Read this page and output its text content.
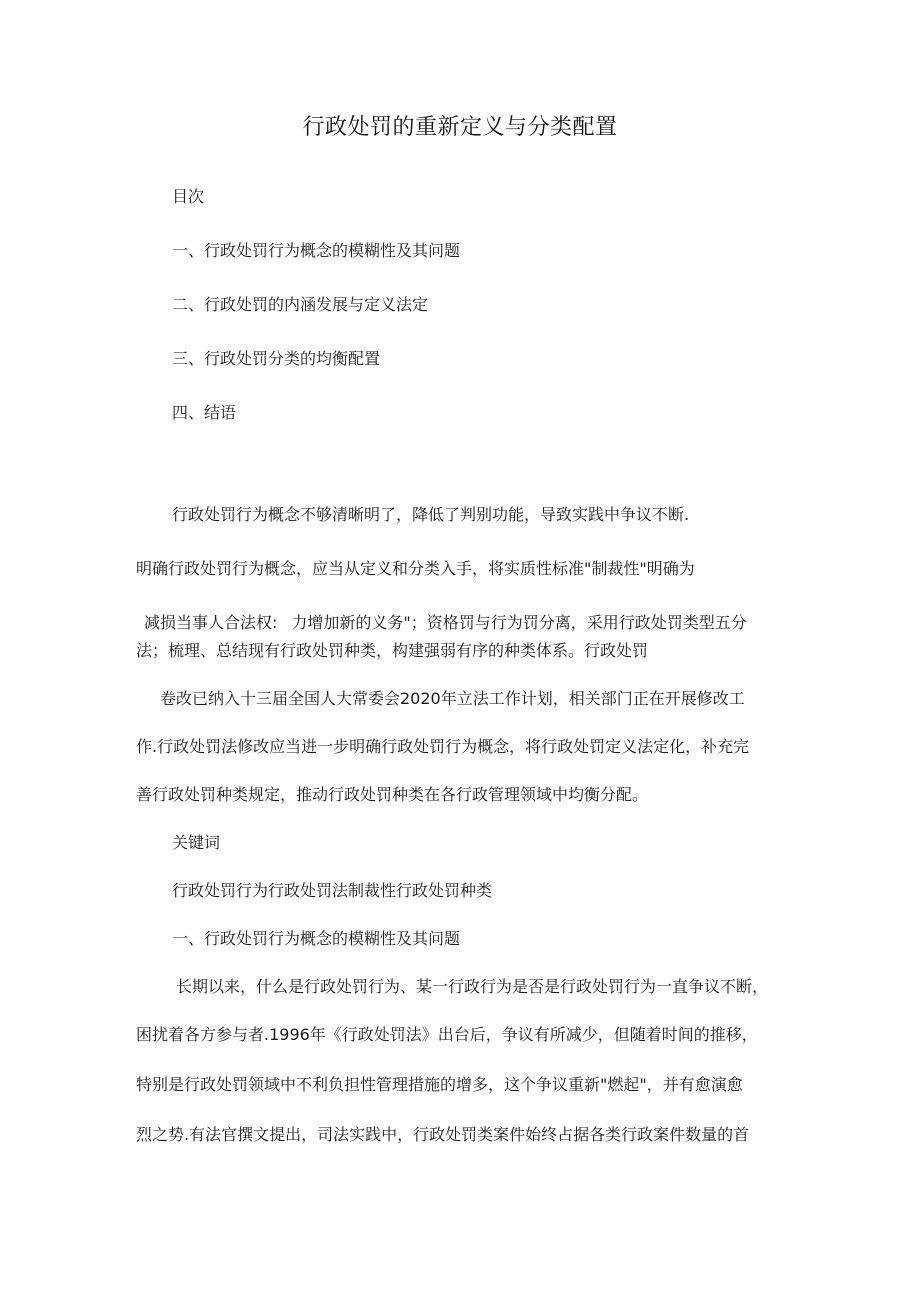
行政处罚的重新定义与分类配置
目次
一、行政处罚行为概念的模糊性及其问题
二、行政处罚的内涵发展与定义法定
三、行政处罚分类的均衡配置
四、结语
行政处罚行为概念不够清晰明了，降低了判别功能，导致实践中争议不断.
明确行政处罚行为概念，应当从定义和分类入手，将实质性标准"制裁性"明确为
减损当事人合法权: 力增加新的义务"；资格罚与行为罚分离，采用行政处罚类型五分
法；梳理、总结现有行政处罚种类，构建强弱有序的种类体系。行政处罚
卷改已纳入十三届全国人大常委会2020年立法工作计划，相关部门正在开展修改工
作.行政处罚法修改应当进一步明确行政处罚行为概念，将行政处罚定义法定化，补充完
善行政处罚种类规定，推动行政处罚种类在各行政管理领域中均衡分配。
关键词
行政处罚行为行政处罚法制裁性行政处罚种类
一、行政处罚行为概念的模糊性及其问题
长期以来，什么是行政处罚行为、某一行政行为是否是行政处罚行为一直争议不断，
困扰着各方参与者.1996年《行政处罚法》出台后，争议有所减少，但随着时间的推移，
特别是行政处罚领域中不利负担性管理措施的增多，这个争议重新"燃起"，并有愈演愈
烈之势.有法官撰文提出，司法实践中，行政处罚类案件始终占据各类行政案件数量的首
